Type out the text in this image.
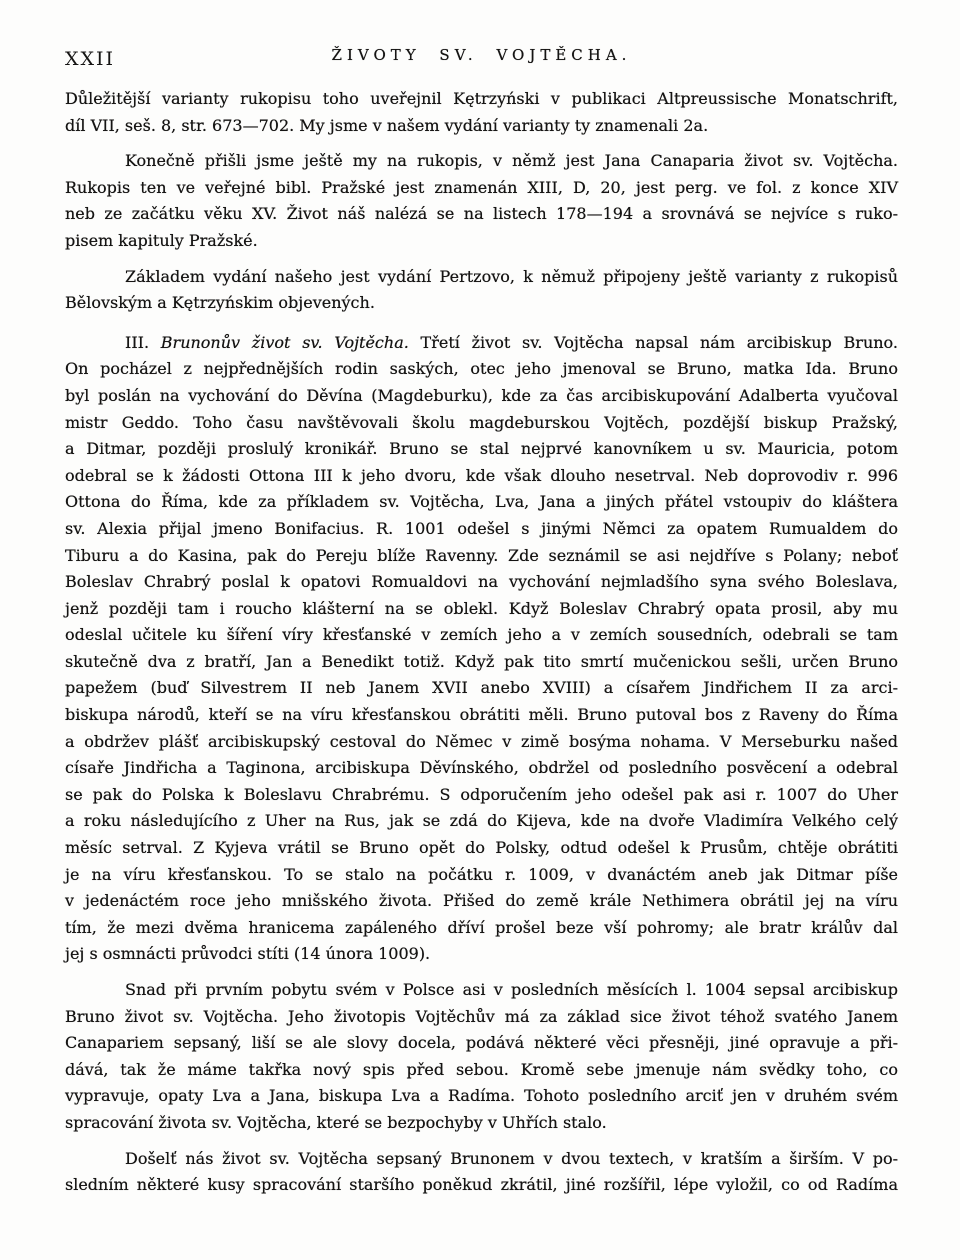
XXII	ŽIVOTY SV. VOJTĚCHA.
Důležitější varianty rukopisu toho uveřejnil Kętrzyński v publikaci Altpreussische Monatschrift,
díl VII, seš. 8, str. 673—702. My jsme v našem vydání varianty ty znamenali 2a.
Konečně přišli jsme ještě my na rukopis, v němž jest Jana Canaparia život sv. Vojtěcha.
Rukopis ten ve veřejné bibl. Pražské jest znamenán XIII, D, 20, jest perg. ve fol. z konce XIV
neb ze začátku věku XV. Život náš nalézá se na listech 178—194 a srovnává se nejvíce s ruko-
pisem kapituly Pražské.
Základem vydání našeho jest vydání Pertzovo, k němuž připojeny ještě varianty z rukopisů
Bělovským a Kętrzyńskim objevených.
III. Brunonův život sv. Vojtěcha. Třetí život sv. Vojtěcha napsal nám arcibiskup Bruno.
On pocházel z nejpřednějších rodin saských, otec jeho jmenoval se Bruno, matka Ida. Bruno
byl poslán na vychování do Děvína (Magdeburku), kde za čas arcibiskupování Adalberta vyučoval
mistr Geddo. Toho času navštěvovali školu magdeburskou Vojtěch, pozdější biskup Pražský,
a Ditmar, později proslulý kronikář. Bruno se stal nejprvé kanovníkem u sv. Mauricia, potom
odebral se k žádosti Ottona III k jeho dvoru, kde však dlouho nesetrval. Neb doprovodiv r. 996
Ottona do Říma, kde za příkladem sv. Vojtěcha, Lva, Jana a jiných přátel vstoupiv do kláštera
sv. Alexia přijal jmeno Bonifacius. R. 1001 odešel s jinými Němci za opatem Rumualdem do
Tiburu a do Kasina, pak do Pereju blíže Ravenny. Zde seznámil se asi nejdříve s Polany; neboť
Boleslav Chrabrý poslal k opatovi Romualdovi na vychování nejmladšího syna svého Boleslava,
jenž později tam i roucho klášterní na se oblekl. Když Boleslav Chrabrý opata prosil, aby mu
odeslal učitele ku šíření víry křesťanské v zemích jeho a v zemích sousedních, odebrali se tam
skutečně dva z bratří, Jan a Benedikt totiž. Když pak tito smrtí mučenickou sešli, určen Bruno
papežem (buď Silvestrem II neb Janem XVII anebo XVIII) a císařem Jindřichem II za arci-
biskupa národů, kteří se na víru křesťanskou obrátiti měli. Bruno putoval bos z Raveny do Říma
a obdržev plášť arcibiskupský cestoval do Němec v zimě bosýma nohama. V Merseburku našed
císaře Jindřicha a Taginona, arcibiskupa Děvínského, obdržel od posledního posvěcení a odebral
se pak do Polska k Boleslavu Chrabrému. S odporučením jeho odešel pak asi r. 1007 do Uher
a roku následujícího z Uher na Rus, jak se zdá do Kijeva, kde na dvoře Vladimíra Velkého celý
měsíc setrval. Z Kyjeva vrátil se Bruno opět do Polsky, odtud odešel k Prusům, chtěje obrátiti
je na víru křesťanskou. To se stalo na počátku r. 1009, v dvanáctém aneb jak Ditmar píše
v jedenáctém roce jeho mnišského života. Přišed do země krále Nethimera obrátil jej na víru
tím, že mezi dvěma hranicema zapáleného dříví prošel beze vší pohromy; ale bratr králův dal
jej s osmnácti průvodci stíti (14 února 1009).
Snad při prvním pobytu svém v Polsce asi v posledních měsících l. 1004 sepsal arcibiskup
Bruno život sv. Vojtěcha. Jeho životopis Vojtěchův má za základ sice život téhož svatého Janem
Canapariem sepsaný, liší se ale slovy docela, podává některé věci přesněji, jiné opravuje a při-
dává, tak že máme takřka nový spis před sebou. Kromě sebe jmenuje nám svědky toho, co
vypravuje, opaty Lva a Jana, biskupa Lva a Radíma. Tohoto posledního arciť jen v druhém svém
spracování života sv. Vojtěcha, které se bezpochyby v Uhřích stalo.
Došelť nás život sv. Vojtěcha sepsaný Brunonem v dvou textech, v kratším a širším. V po-
sledním některé kusy spracování staršího poněkud zkrátil, jiné rozšířil, lépe vyložil, co od Radíma
